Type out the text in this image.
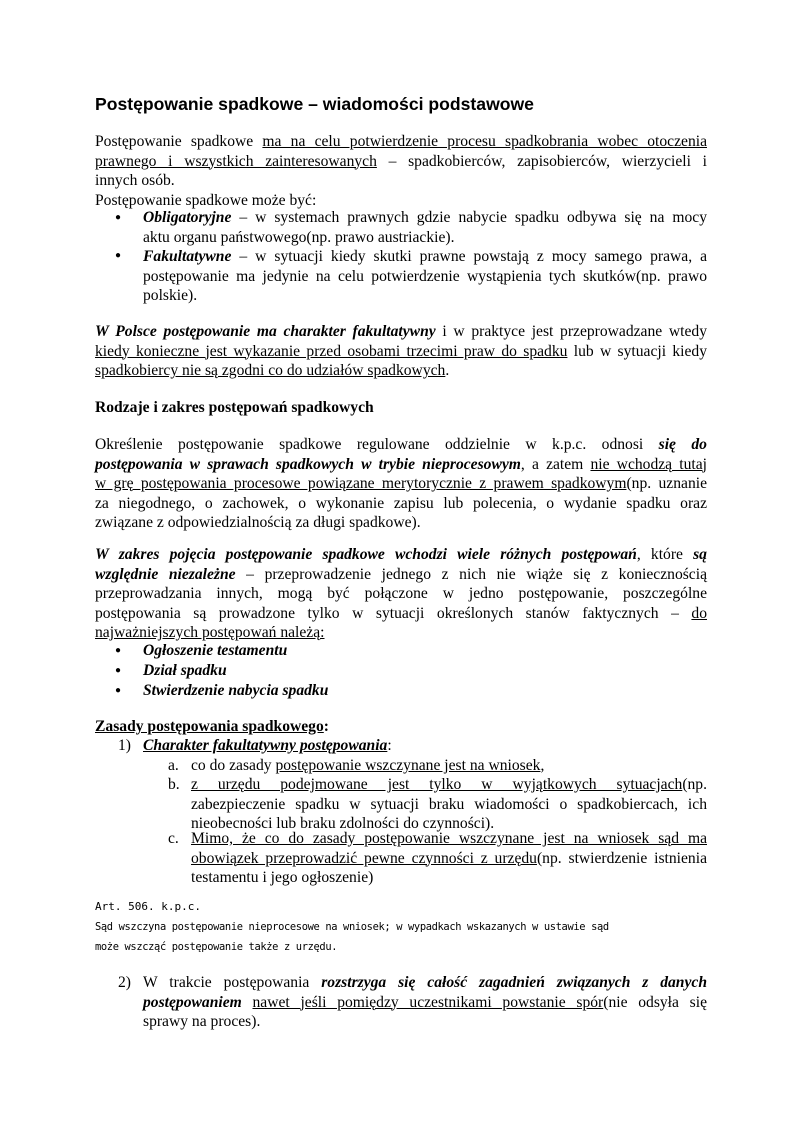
Postępowanie spadkowe – wiadomości podstawowe
Postępowanie spadkowe ma na celu potwierdzenie procesu spadkobrania wobec otoczenia
prawnego i wszystkich zainteresowanych – spadkobierców, zapisobierców, wierzycieli i
innych osób.
Postępowanie spadkowe może być:
● Obligatoryjne – w systemach prawnych gdzie nabycie spadku odbywa się na mocy
aktu organu państwowego(np. prawo austriackie).
● Fakultatywne – w sytuacji kiedy skutki prawne powstają z mocy samego prawa, a
postępowanie ma jedynie na celu potwierdzenie wystąpienia tych skutków(np. prawo
polskie).
W Polsce postępowanie ma charakter fakultatywny i w praktyce jest przeprowadzane wtedy
kiedy konieczne jest wykazanie przed osobami trzecimi praw do spadku lub w sytuacji kiedy
spadkobiercy nie są zgodni co do udziałów spadkowych.
Rodzaje i zakres postępowań spadkowych
Określenie postępowanie spadkowe regulowane oddzielnie w k.p.c. odnosi się do
postępowania w sprawach spadkowych w trybie nieprocesowym, a zatem nie wchodzą tutaj
w grę postępowania procesowe powiązane merytorycznie z prawem spadkowym(np. uznanie
za niegodnego, o zachowek, o wykonanie zapisu lub polecenia, o wydanie spadku oraz
związane z odpowiedzialnością za długi spadkowe).
W zakres pojęcia postępowanie spadkowe wchodzi wiele różnych postępowań, które są
względnie niezależne – przeprowadzenie jednego z nich nie wiąże się z koniecznością
przeprowadzania innych, mogą być połączone w jedno postępowanie, poszczególne
postępowania są prowadzone tylko w sytuacji określonych stanów faktycznych – do
najważniejszych postępowań należą:
● Ogłoszenie testamentu
● Dział spadku
● Stwierdzenie nabycia spadku
Zasady postępowania spadkowego:
1) Charakter fakultatywny postępowania:
a. co do zasady postępowanie wszczynane jest na wniosek,
b. z urzędu podejmowane jest tylko w wyjątkowych sytuacjach(np.
zabezpieczenie spadku w sytuacji braku wiadomości o spadkobiercach, ich
nieobecności lub braku zdolności do czynności).
c. Mimo, że co do zasady postępowanie wszczynane jest na wniosek sąd ma
obowiązek przeprowadzić pewne czynności z urzędu(np. stwierdzenie istnienia
testamentu i jego ogłoszenie)
Art. 506. k.p.c.
Sąd wszczyna postępowanie nieprocesowe na wniosek; w wypadkach wskazanych w ustawie sąd
może wszcząć postępowanie także z urzędu.
2) W trakcie postępowania rozstrzyga się całość zagadnień związanych z danych
postępowaniem nawet jeśli pomiędzy uczestnikami powstanie spór(nie odsyła się
sprawy na proces).
